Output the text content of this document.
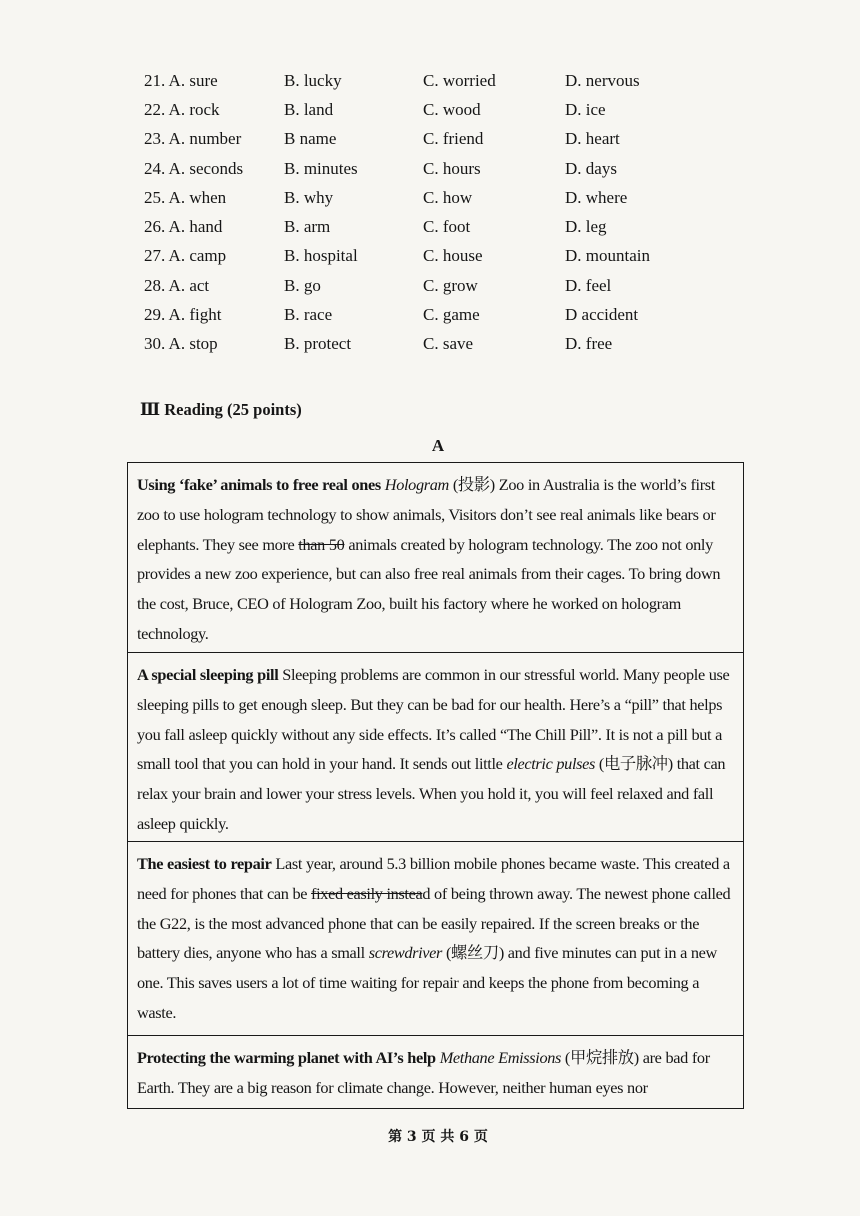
21. A. sure	B. lucky	C. worried	D. nervous
22. A. rock	B. land	C. wood	D. ice
23. A. number	B name	C. friend	D. heart
24. A. seconds	B. minutes	C. hours	D. days
25. A. when	B. why	C. how	D. where
26. A. hand	B. arm	C. foot	D. leg
27. A. camp	B. hospital	C. house	D. mountain
28. A. act	B. go	C. grow	D. feel
29. A. fight	B. race	C. game	D accident
30. A. stop	B. protect	C. save	D. free
Ⅲ Reading (25 points)
A
Using ‘fake’ animals to free real ones Hologram (投影) Zoo in Australia is the world’s first zoo to use hologram technology to show animals, Visitors don’t see real animals like bears or elephants. They see more than 50 animals created by hologram technology. The zoo not only provides a new zoo experience, but can also free real animals from their cages. To bring down the cost, Bruce, CEO of Hologram Zoo, built his factory where he worked on hologram technology.
A special sleeping pill Sleeping problems are common in our stressful world. Many people use sleeping pills to get enough sleep. But they can be bad for our health. Here’s a “pill” that helps you fall asleep quickly without any side effects. It’s called “The Chill Pill”. It is not a pill but a small tool that you can hold in your hand. It sends out little electric pulses (电子脉冲) that can relax your brain and lower your stress levels. When you hold it, you will feel relaxed and fall asleep quickly.
The easiest to repair Last year, around 5.3 billion mobile phones became waste. This created a need for phones that can be fixed easily instead of being thrown away. The newest phone called the G22, is the most advanced phone that can be easily repaired. If the screen breaks or the battery dies, anyone who has a small screwdriver (螺丝刀) and five minutes can put in a new one. This saves users a lot of time waiting for repair and keeps the phone from becoming a waste.
Protecting the warming planet with AI’s help Methane Emissions (甲烷排放) are bad for Earth. They are a big reason for climate change. However, neither human eyes nor
第 3 页 共 6 页
